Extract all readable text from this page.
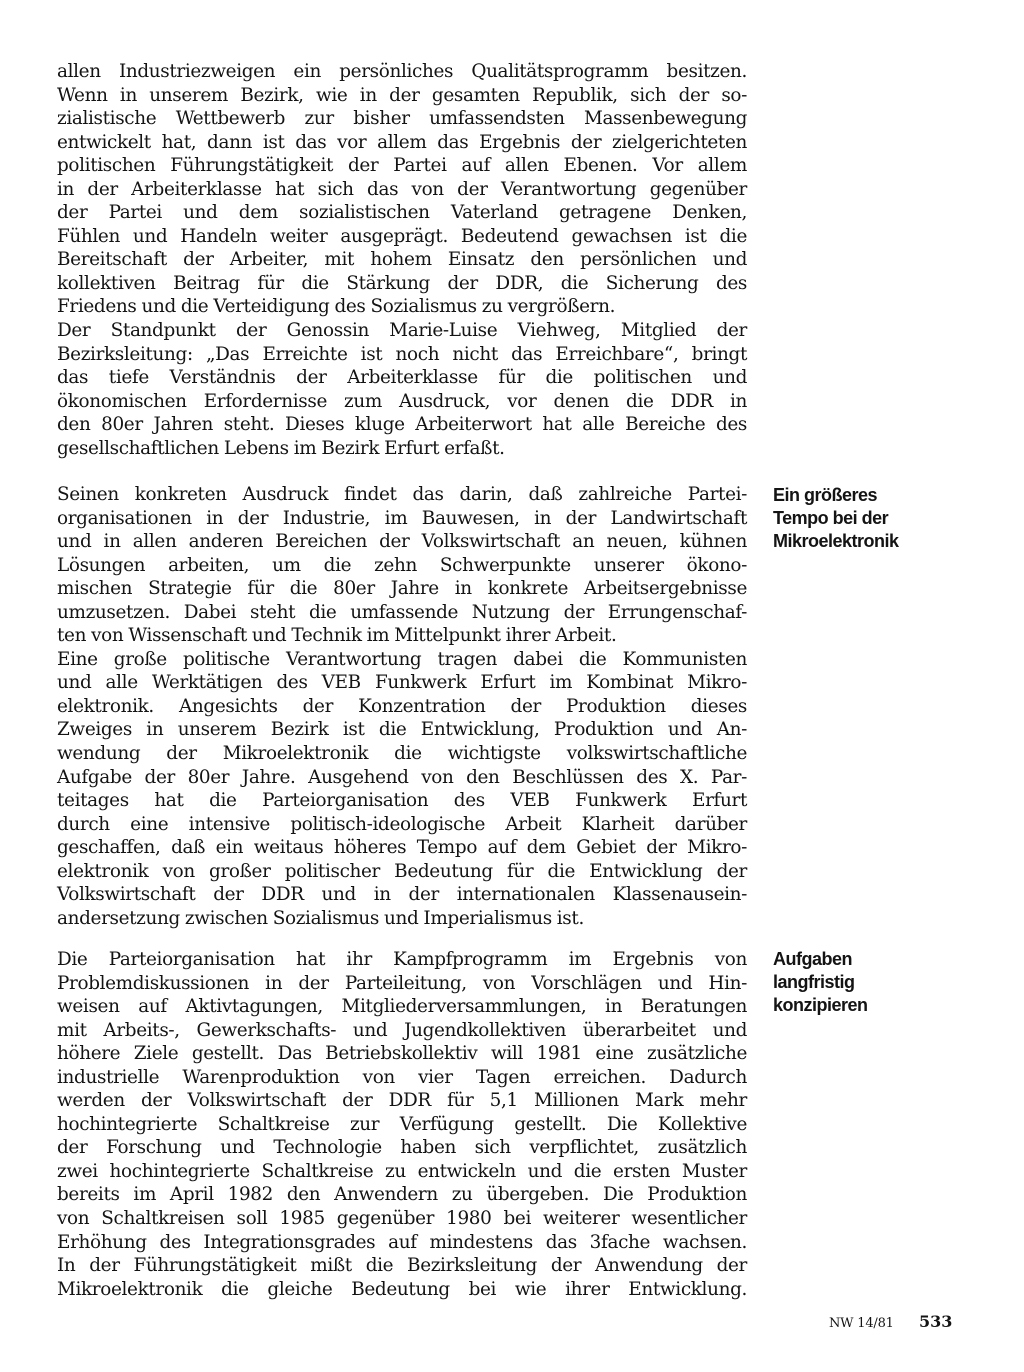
allen Industriezweigen ein persönliches Qualitätsprogramm besitzen.
Wenn in unserem Bezirk, wie in der gesamten Republik, sich der so-
zialistische Wettbewerb zur bisher umfassendsten Massenbewegung
entwickelt hat, dann ist das vor allem das Ergebnis der zielgerichteten
politischen Führungstätigkeit der Partei auf allen Ebenen. Vor allem
in der Arbeiterklasse hat sich das von der Verantwortung gegenüber
der Partei und dem sozialistischen Vaterland getragene Denken,
Fühlen und Handeln weiter ausgeprägt. Bedeutend gewachsen ist die
Bereitschaft der Arbeiter, mit hohem Einsatz den persönlichen und
kollektiven Beitrag für die Stärkung der DDR, die Sicherung des
Friedens und die Verteidigung des Sozialismus zu vergrößern.
Der Standpunkt der Genossin Marie-Luise Viehweg, Mitglied der
Bezirksleitung: „Das Erreichte ist noch nicht das Erreichbare“, bringt
das tiefe Verständnis der Arbeiterklasse für die politischen und
ökonomischen Erfordernisse zum Ausdruck, vor denen die DDR in
den 80er Jahren steht. Dieses kluge Arbeiterwort hat alle Bereiche des
gesellschaftlichen Lebens im Bezirk Erfurt erfaßt.
Seinen konkreten Ausdruck findet das darin, daß zahlreiche Partei-
organisationen in der Industrie, im Bauwesen, in der Landwirtschaft
und in allen anderen Bereichen der Volkswirtschaft an neuen, kühnen
Lösungen arbeiten, um die zehn Schwerpunkte unserer ökono-
mischen Strategie für die 80er Jahre in konkrete Arbeitsergebnisse
umzusetzen. Dabei steht die umfassende Nutzung der Errungenschaf-
ten von Wissenschaft und Technik im Mittelpunkt ihrer Arbeit.
Eine große politische Verantwortung tragen dabei die Kommunisten
und alle Werktätigen des VEB Funkwerk Erfurt im Kombinat Mikro-
elektronik. Angesichts der Konzentration der Produktion dieses
Zweiges in unserem Bezirk ist die Entwicklung, Produktion und An-
wendung der Mikroelektronik die wichtigste volkswirtschaftliche
Aufgabe der 80er Jahre. Ausgehend von den Beschlüssen des X. Par-
teitages hat die Parteiorganisation des VEB Funkwerk Erfurt
durch eine intensive politisch-ideologische Arbeit Klarheit darüber
geschaffen, daß ein weitaus höheres Tempo auf dem Gebiet der Mikro-
elektronik von großer politischer Bedeutung für die Entwicklung der
Volkswirtschaft der DDR und in der internationalen Klassenausein-
andersetzung zwischen Sozialismus und Imperialismus ist.
Die Parteiorganisation hat ihr Kampfprogramm im Ergebnis von
Problemdiskussionen in der Parteileitung, von Vorschlägen und Hin-
weisen auf Aktivtagungen, Mitgliederversammlungen, in Beratungen
mit Arbeits-, Gewerkschafts- und Jugendkollektiven überarbeitet und
höhere Ziele gestellt. Das Betriebskollektiv will 1981 eine zusätzliche
industrielle Warenproduktion von vier Tagen erreichen. Dadurch
werden der Volkswirtschaft der DDR für 5,1 Millionen Mark mehr
hochintegrierte Schaltkreise zur Verfügung gestellt. Die Kollektive
der Forschung und Technologie haben sich verpflichtet, zusätzlich
zwei hochintegrierte Schaltkreise zu entwickeln und die ersten Muster
bereits im April 1982 den Anwendern zu übergeben. Die Produktion
von Schaltkreisen soll 1985 gegenüber 1980 bei weiterer wesentlicher
Erhöhung des Integrationsgrades auf mindestens das 3fache wachsen.
In der Führungstätigkeit mißt die Bezirksleitung der Anwendung der
Mikroelektronik die gleiche Bedeutung bei wie ihrer Entwicklung.
Ein größeres
Tempo bei der
Mikroelektronik
Aufgaben
langfristig
konzipieren
NW 14/81 533
